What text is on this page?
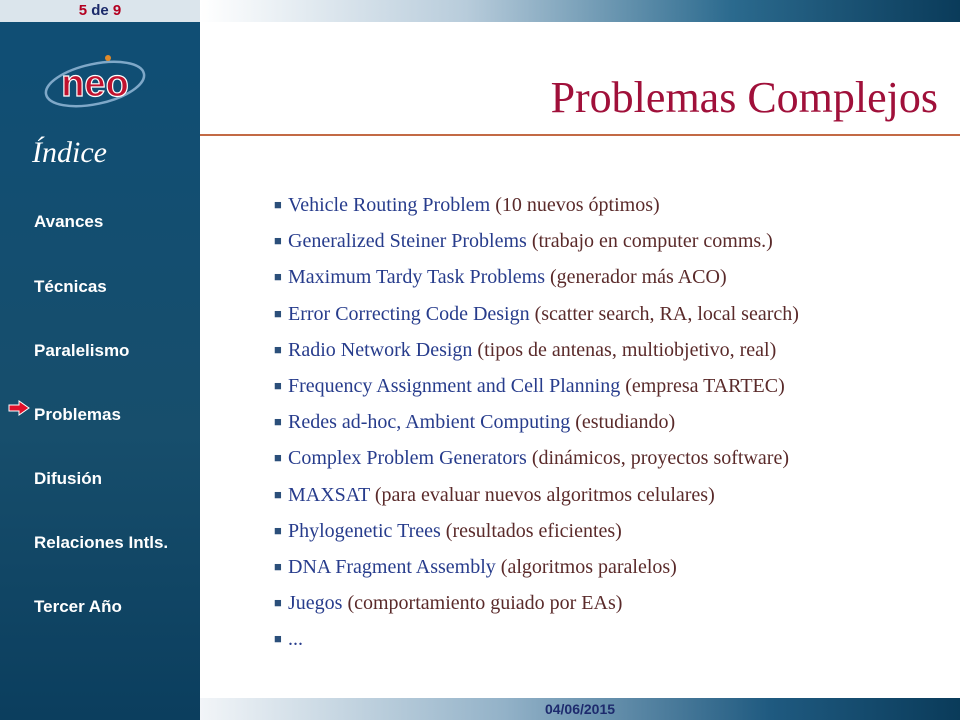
5 de 9
neo
Índice
Avances
Técnicas
Paralelismo
Problemas
Difusión
Relaciones Intls.
Tercer Año
Problemas Complejos
■ Vehicle Routing Problem (10 nuevos óptimos)
■ Generalized Steiner Problems (trabajo en computer comms.)
■ Maximum Tardy Task Problems (generador más ACO)
■ Error Correcting Code Design (scatter search, RA, local search)
■ Radio Network Design (tipos de antenas, multiobjetivo, real)
■ Frequency Assignment and Cell Planning (empresa TARTEC)
■ Redes ad-hoc, Ambient Computing (estudiando)
■ Complex Problem Generators (dinámicos, proyectos software)
■ MAXSAT (para evaluar nuevos algoritmos celulares)
■ Phylogenetic Trees (resultados eficientes)
■ DNA Fragment Assembly (algoritmos paralelos)
■ Juegos (comportamiento guiado por EAs)
■ ...
04/06/2015
